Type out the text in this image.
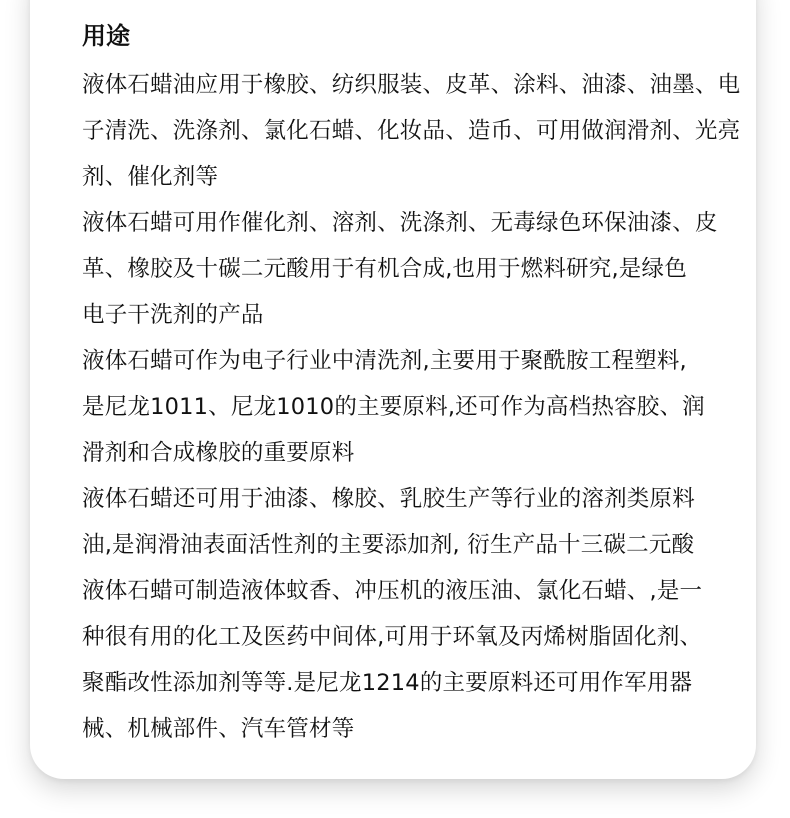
用途

液体石蜡油应用于橡胶、纺织服装、皮革、涂料、油漆、油墨、电
子清洗、洗涤剂、氯化石蜡、化妆品、造币、可用做润滑剂、光亮
剂、催化剂等

液体石蜡可用作催化剂、溶剂、洗涤剂、无毒绿色环保油漆、皮
革、橡胶及十碳二元酸用于有机合成,也用于燃料研究,是绿色
电子干洗剂的产品

液体石蜡可作为电子行业中清洗剂,主要用于聚酰胺工程塑料,
是尼龙1011、尼龙1010的主要原料,还可作为高档热容胶、润
滑剂和合成橡胶的重要原料

液体石蜡还可用于油漆、橡胶、乳胶生产等行业的溶剂类原料
油,是润滑油表面活性剂的主要添加剂, 衍生产品十三碳二元酸
液体石蜡可制造液体蚊香、冲压机的液压油、氯化石蜡、,是一
种很有用的化工及医药中间体,可用于环氧及丙烯树脂固化剂、
聚酯改性添加剂等等.是尼龙1214的主要原料还可用作军用器
械、机械部件、汽车管材等
